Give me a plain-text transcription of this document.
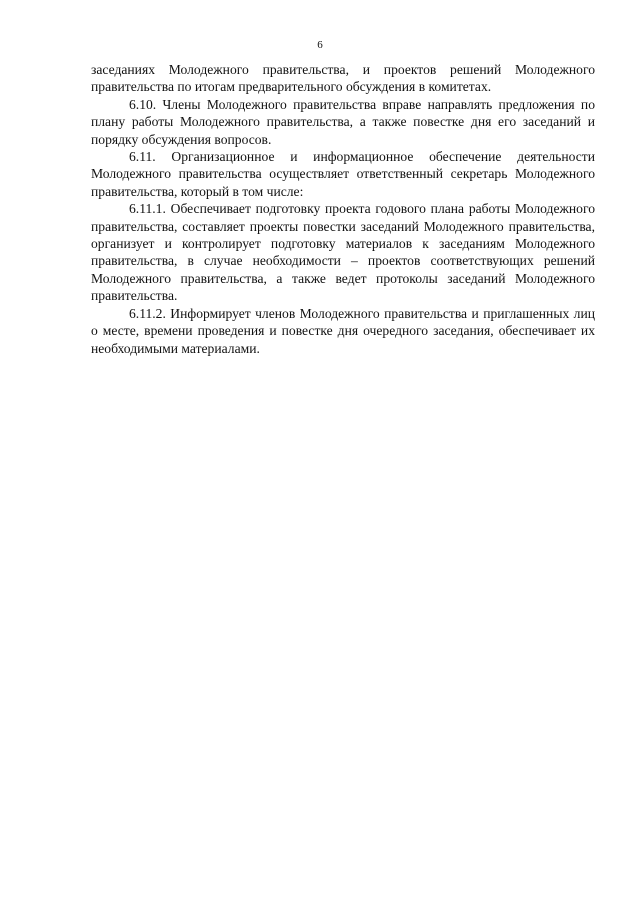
6

заседаниях Молодежного правительства, и проектов решений Молодежного правительства по итогам предварительного обсуждения в комитетах.

6.10. Члены Молодежного правительства вправе направлять предложения по плану работы Молодежного правительства, а также повестке дня его заседаний и порядку обсуждения вопросов.

6.11. Организационное и информационное обеспечение деятельности Молодежного правительства осуществляет ответственный секретарь Молодежного правительства, который в том числе:

6.11.1. Обеспечивает подготовку проекта годового плана работы Молодежного правительства, составляет проекты повестки заседаний Молодежного правительства, организует и контролирует подготовку материалов к заседаниям Молодежного правительства, в случае необходимости – проектов соответствующих решений Молодежного правительства, а также ведет протоколы заседаний Молодежного правительства.

6.11.2. Информирует членов Молодежного правительства и приглашенных лиц о месте, времени проведения и повестке дня очередного заседания, обеспечивает их необходимыми материалами.
